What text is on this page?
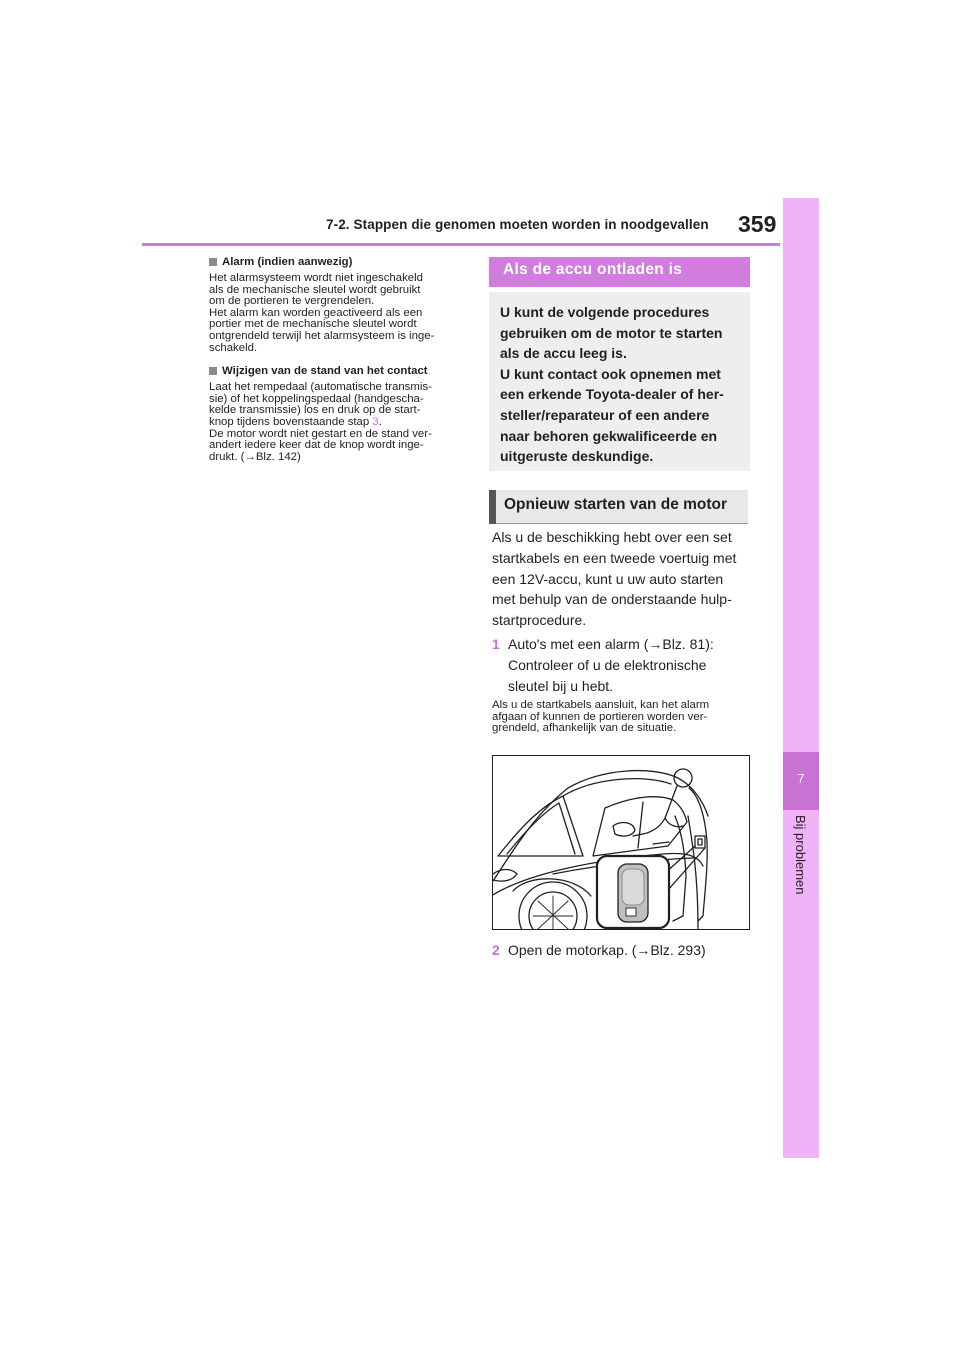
7-2. Stappen die genomen moeten worden in noodgevallen 359
7
Bij problemen
Alarm (indien aanwezig)

Het alarmsysteem wordt niet ingeschakeld
als de mechanische sleutel wordt gebruikt
om de portieren te vergrendelen.
Het alarm kan worden geactiveerd als een
portier met de mechanische sleutel wordt
ontgrendeld terwijl het alarmsysteem is inge-
schakeld.

Wijzigen van de stand van het contact

Laat het rempedaal (automatische transmis-
sie) of het koppelingspedaal (handgescha-
kelde transmissie) los en druk op de start-
knop tijdens bovenstaande stap 3.
De motor wordt niet gestart en de stand ver-
andert iedere keer dat de knop wordt inge-
drukt. (→Blz. 142)

Als de accu ontladen is

U kunt de volgende procedures
gebruiken om de motor te starten
als de accu leeg is.
U kunt contact ook opnemen met
een erkende Toyota-dealer of her-
steller/reparateur of een andere
naar behoren gekwalificeerde en
uitgeruste deskundige.

Opnieuw starten van de motor

Als u de beschikking hebt over een set
startkabels en een tweede voertuig met
een 12V-accu, kunt u uw auto starten
met behulp van de onderstaande hulp-
startprocedure.

1 Auto's met een alarm (→Blz. 81):
Controleer of u de elektronische
sleutel bij u hebt.

Als u de startkabels aansluit, kan het alarm
afgaan of kunnen de portieren worden ver-
grendeld, afhankelijk van de situatie.

2 Open de motorkap. (→Blz. 293)
